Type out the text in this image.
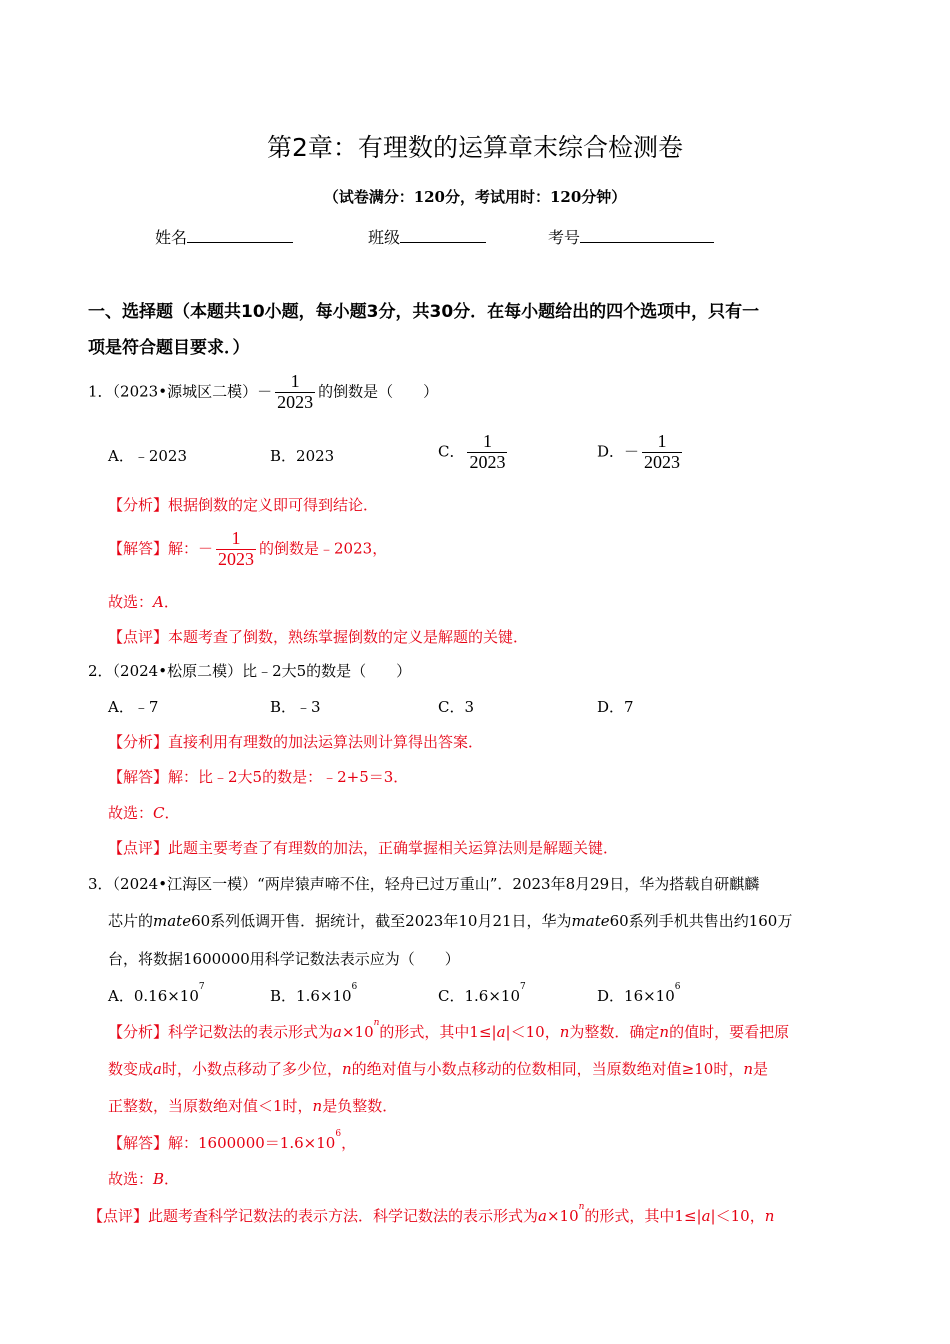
第2章：有理数的运算章末综合检测卷
（试卷满分：120分，考试用时：120分钟）
姓名	班级	考号
一、选择题（本题共10小题，每小题3分，共30分．在每小题给出的四个选项中，只有一
项是符合题目要求．）
1．（2023•源城区二模）－ $\frac{1}{2023}$ 的倒数是（　　）
A．﹣2023	B．2023	C． $\frac{1}{2023}$	D．－ $\frac{1}{2023}$
【分析】根据倒数的定义即可得到结论．
【解答】解：－ $\frac{1}{2023}$ 的倒数是﹣2023，
故选：A．
【点评】本题考查了倒数，熟练掌握倒数的定义是解题的关键．
2．（2024•松原二模）比﹣2大5的数是（　　）
A．﹣7	B．﹣3	C．3	D．7
【分析】直接利用有理数的加法运算法则计算得出答案．
【解答】解：比﹣2大5的数是：﹣2+5＝3．
故选：C．
【点评】此题主要考查了有理数的加法，正确掌握相关运算法则是解题关键．
3．（2024•江海区一模）“两岸猿声啼不住，轻舟已过万重山”．2023年8月29日，华为搭载自研麒麟
芯片的mate60系列低调开售．据统计，截至2023年10月21日，华为mate60系列手机共售出约160万
台，将数据1600000用科学记数法表示应为（　　）
A．$0.16\times 10^7$	B．$1.6\times 10^6$	C．$1.6\times 10^7$	D．$16\times 10^6$
【分析】科学记数法的表示形式为$a\times 10^n$的形式，其中1≤|a|＜10，n为整数．确定n的值时，要看把原
数变成a时，小数点移动了多少位，n的绝对值与小数点移动的位数相同，当原数绝对值≥10时，n是
正整数，当原数绝对值＜1时，n是负整数．
【解答】解：$1600000=1.6\times 10^6$，
故选：B．
【点评】此题考查科学记数法的表示方法．科学记数法的表示形式为$a\times 10^n$的形式，其中1≤|a|＜10，n
